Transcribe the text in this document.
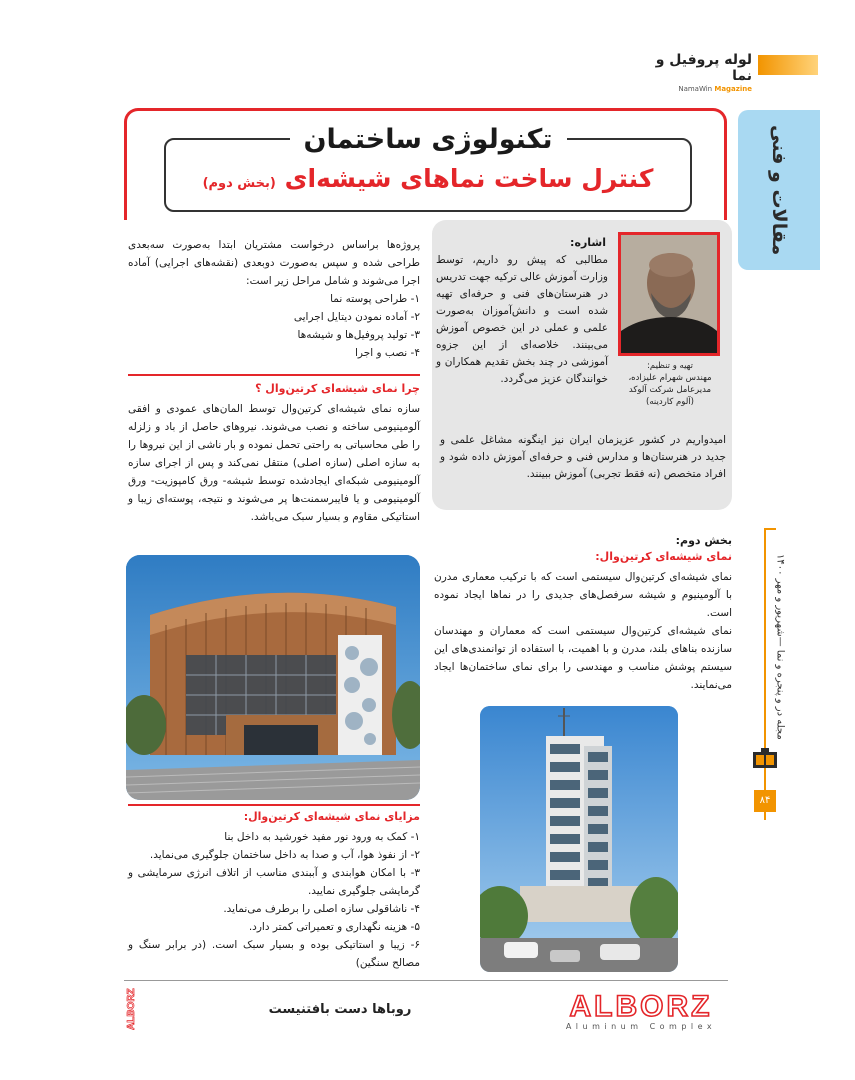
لوله پروفیل و نما
NamaWin Magazine
مقالات و فنی
تکنولوژی ساختمان
کنترل ساخت نماهای شیشه‌ای (بخش دوم)
تهیه و تنظیم:
مهندس شهرام علیزاده،
مدیرعامل شرکت آلوکد
(آلوم کاردینه)
اشاره:
مطالبی که پیش رو داریم، توسط وزارت آموزش عالی ترکیه جهت تدریس در هنرستان‌های فنی و حرفه‌ای تهیه شده است و دانش‌آموزان به‌صورت علمی و عملی در این خصوص آموزش می‌بینند. خلاصه‌ای از این جزوه آموزشی در چند بخش تقدیم همکاران و خوانندگان عزیز می‌گردد.
امیدواریم در کشور عزیزمان ایران نیز اینگونه مشاغل علمی و جدید در هنرستان‌ها و مدارس فنی و حرفه‌ای آموزش داده شود و افراد متخصص (نه فقط تجربی) آموزش ببینند.
پروژه‌ها براساس درخواست مشتریان ابتدا به‌صورت سه‌بعدی طراحی شده و سپس به‌صورت دوبعدی (نقشه‌های اجرایی) آماده اجرا می‌شوند و شامل مراحل زیر است:
۱- طراحی پوسته نما
۲- آماده نمودن دیتایل اجرایی
۳- تولید پروفیل‌ها و شیشه‌ها
۴- نصب و اجرا
چرا نمای شیشه‌ای کرتین‌وال ؟
سازه نمای شیشه‌ای کرتین‌وال توسط المان‌های عمودی و افقی آلومینیومی ساخته و نصب می‌شوند. نیروهای حاصل از باد و زلزله را طی محاسباتی به راحتی تحمل نموده و بار ناشی از این نیروها را به سازه اصلی (سازه اصلی) منتقل نمی‌کند و پس از اجرای سازه آلومینیومی شبکه‌ای ایجادشده توسط شیشه- ورق کامپوزیت- ورق آلومینیومی و یا فایبرسمنت‌ها پر می‌شوند و نتیجه، پوسته‌ای زیبا و استاتیکی مقاوم و بسیار سبک می‌باشد.
مزایای نمای شیشه‌ای کرتین‌وال:
۱- کمک به ورود نور مفید خورشید به داخل بنا
۲- از نفوذ هوا، آب و صدا به داخل ساختمان جلوگیری می‌نماید.
۳- با امکان هوابندی و آببندی مناسب از اتلاف انرژی سرمایشی و گرمایشی جلوگیری نمایید.
۴- ناشاقولی سازه اصلی را برطرف می‌نماید.
۵- هزینه نگهداری و تعمیراتی کمتر دارد.
۶- زیبا و استاتیکی بوده و بسیار سبک است. (در برابر سنگ و مصالح سنگین)
بخش دوم:
نمای شیشه‌ای کرتین‌وال:
نمای شیشه‌ای کرتین‌وال سیستمی است که با ترکیب معماری مدرن با آلومینیوم و شیشه سرفصل‌های جدیدی را در نماها ایجاد نموده است.
نمای شیشه‌ای کرتین‌وال سیستمی است که معماران و مهندسان سازنده بناهای بلند، مدرن و با اهمیت، با استفاده از توانمندی‌های این سیستم پوشش مناسب و مهندسی را برای نمای ساختمان‌ها ایجاد می‌نمایند.
مجله در و پنجره و نما —شهریور و مهر ۱۴۰۰
۸۴
روباها دست بافتنیست	ALBORZ
Aluminum Complex
ALBORZ
